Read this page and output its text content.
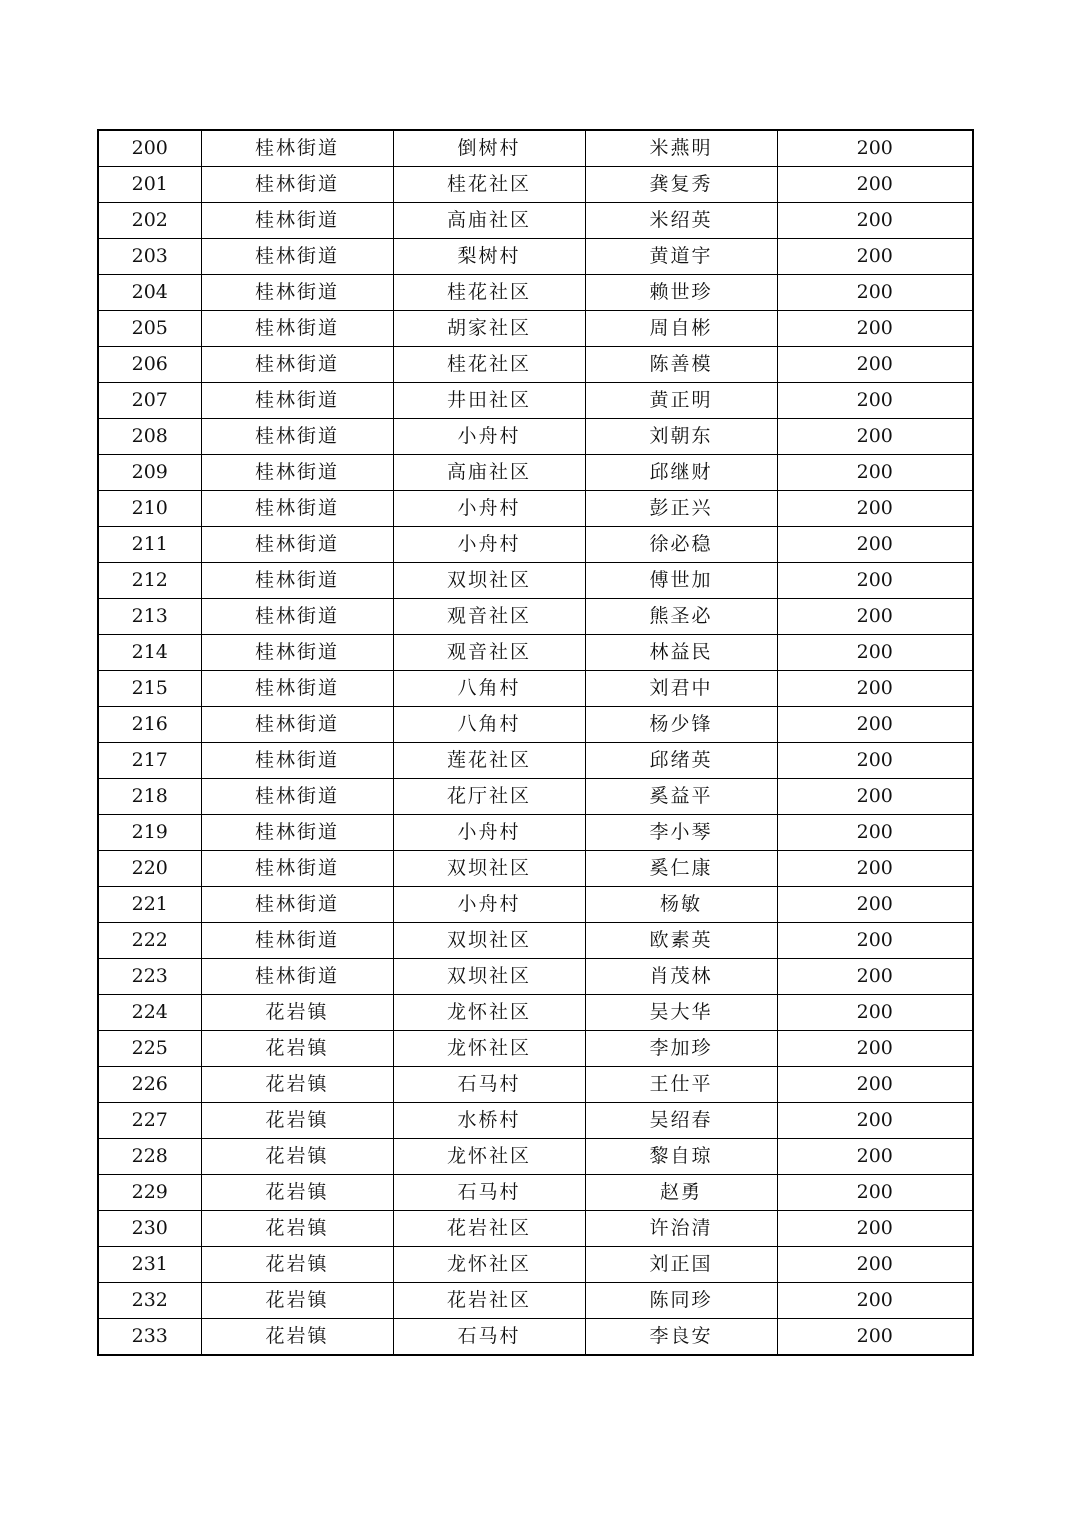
200	桂林街道	倒树村	米燕明	200
201	桂林街道	桂花社区	龚复秀	200
202	桂林街道	高庙社区	米绍英	200
203	桂林街道	梨树村	黄道宇	200
204	桂林街道	桂花社区	赖世珍	200
205	桂林街道	胡家社区	周自彬	200
206	桂林街道	桂花社区	陈善模	200
207	桂林街道	井田社区	黄正明	200
208	桂林街道	小舟村	刘朝东	200
209	桂林街道	高庙社区	邱继财	200
210	桂林街道	小舟村	彭正兴	200
211	桂林街道	小舟村	徐必稳	200
212	桂林街道	双坝社区	傅世加	200
213	桂林街道	观音社区	熊圣必	200
214	桂林街道	观音社区	林益民	200
215	桂林街道	八角村	刘君中	200
216	桂林街道	八角村	杨少锋	200
217	桂林街道	莲花社区	邱绪英	200
218	桂林街道	花厅社区	奚益平	200
219	桂林街道	小舟村	李小琴	200
220	桂林街道	双坝社区	奚仁康	200
221	桂林街道	小舟村	杨敏	200
222	桂林街道	双坝社区	欧素英	200
223	桂林街道	双坝社区	肖茂林	200
224	花岩镇	龙怀社区	吴大华	200
225	花岩镇	龙怀社区	李加珍	200
226	花岩镇	石马村	王仕平	200
227	花岩镇	水桥村	吴绍春	200
228	花岩镇	龙怀社区	黎自琼	200
229	花岩镇	石马村	赵勇	200
230	花岩镇	花岩社区	许治清	200
231	花岩镇	龙怀社区	刘正国	200
232	花岩镇	花岩社区	陈同珍	200
233	花岩镇	石马村	李良安	200
